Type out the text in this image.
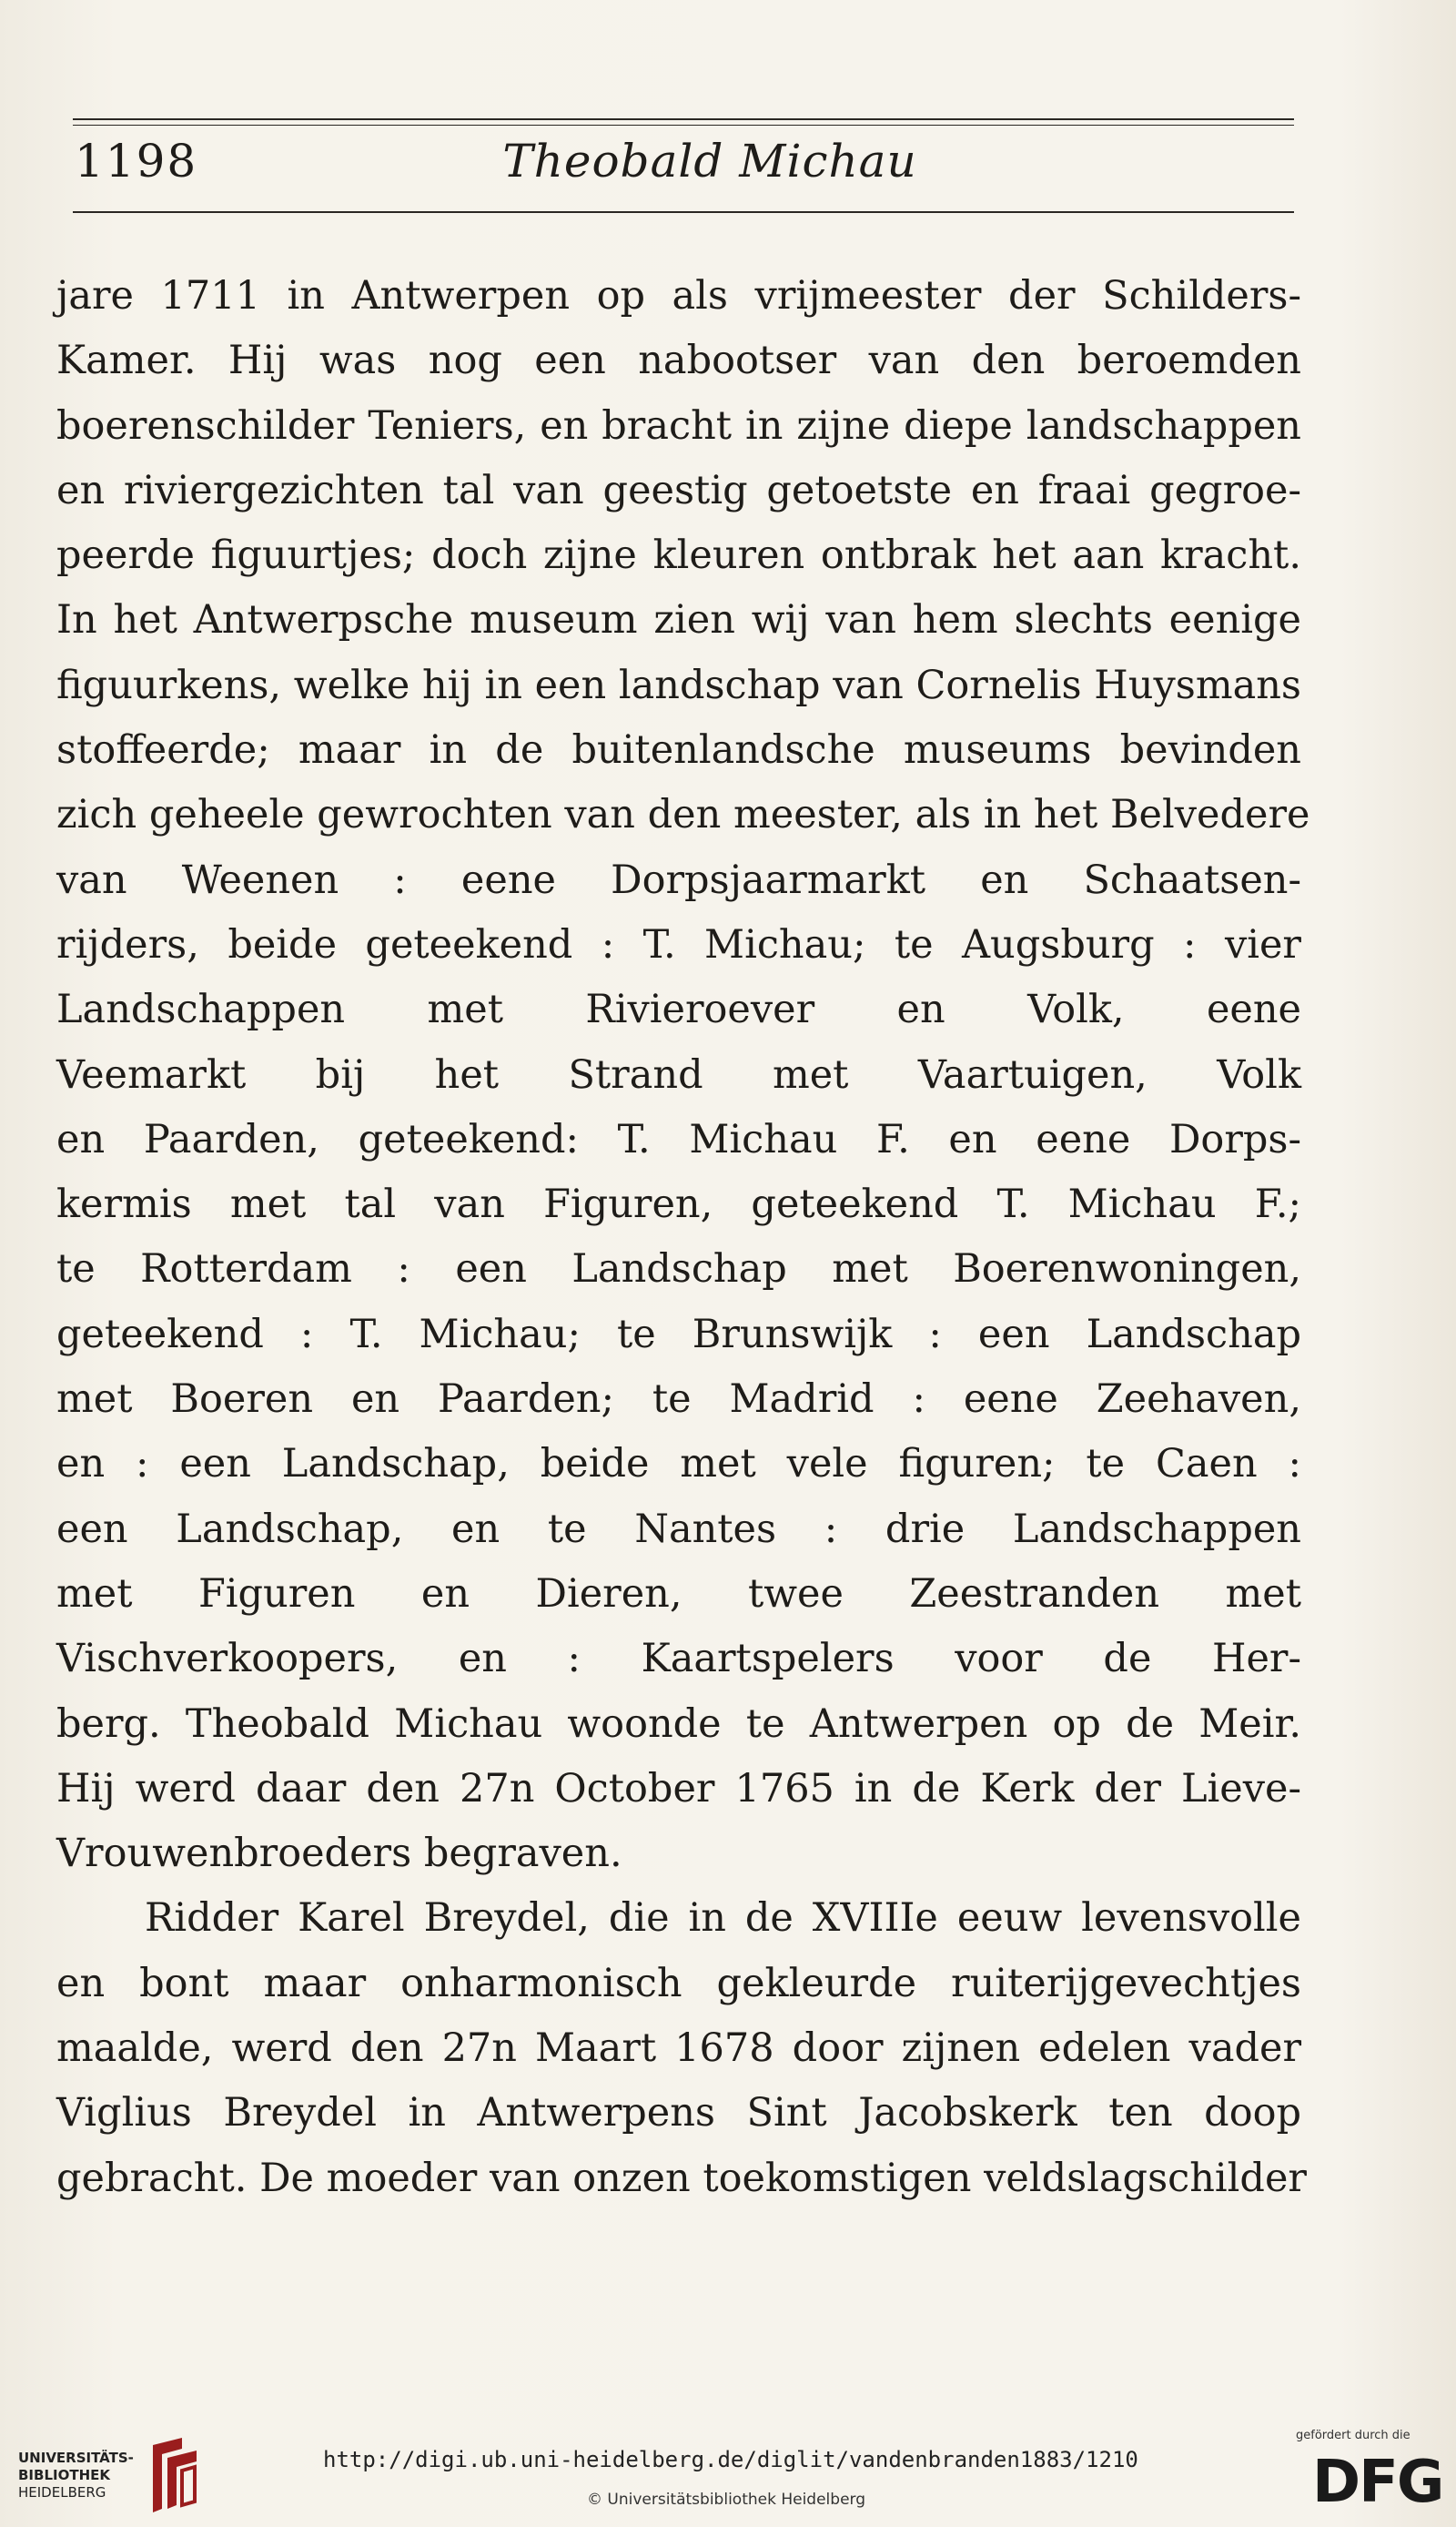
1198	Theobald Michau
jare 1711 in Antwerpen op als vrijmeester der Schilders-
Kamer. Hij was nog een nabootser van den beroemden
boerenschilder Teniers, en bracht in zijne diepe landschappen
en riviergezichten tal van geestig getoetste en fraai gegroe-
peerde figuurtjes; doch zijne kleuren ontbrak het aan kracht.
In het Antwerpsche museum zien wij van hem slechts eenige
figuurkens, welke hij in een landschap van Cornelis Huysmans
stoffeerde; maar in de buitenlandsche museums bevinden
zich geheele gewrochten van den meester, als in het Belvedere
van Weenen : eene Dorpsjaarmarkt en Schaatsen-
rijders, beide geteekend : T. Michau; te Augsburg : vier
Landschappen met Rivieroever en Volk, eene
Veemarkt bij het Strand met Vaartuigen, Volk
en Paarden, geteekend: T. Michau F. en eene Dorps-
kermis met tal van Figuren, geteekend T. Michau F.;
te Rotterdam : een Landschap met Boerenwoningen,
geteekend : T. Michau; te Brunswijk : een Landschap
met Boeren en Paarden; te Madrid : eene Zeehaven,
en : een Landschap, beide met vele figuren; te Caen :
een Landschap, en te Nantes : drie Landschappen
met Figuren en Dieren, twee Zeestranden met
Vischverkoopers, en : Kaartspelers voor de Her-
berg. Theobald Michau woonde te Antwerpen op de Meir.
Hij werd daar den 27n October 1765 in de Kerk der Lieve-
Vrouwenbroeders begraven.
Ridder Karel Breydel, die in de XVIIIe eeuw levensvolle
en bont maar onharmonisch gekleurde ruiterijgevechtjes
maalde, werd den 27n Maart 1678 door zijnen edelen vader
Viglius Breydel in Antwerpens Sint Jacobskerk ten doop
gebracht. De moeder van onzen toekomstigen veldslagschilder
UNIVERSITÄTS-
BIBLIOTHEK
HEIDELBERG
http://digi.ub.uni-heidelberg.de/diglit/vandenbranden1883/1210
© Universitätsbibliothek Heidelberg
gefördert durch die
DFG
